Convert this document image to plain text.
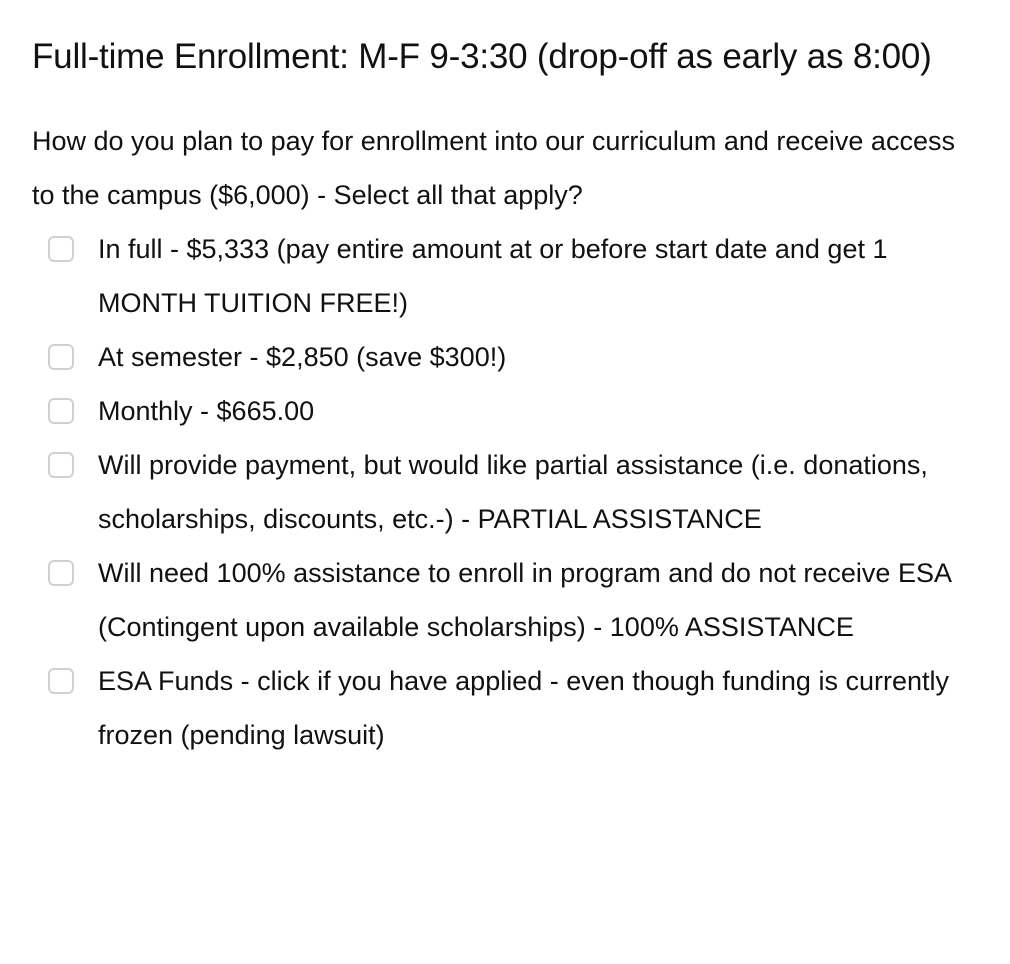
Full-time Enrollment: M-F 9-3:30 (drop-off as early as 8:00)

How do you plan to pay for enrollment into our curriculum and receive access to the campus ($6,000) - Select all that apply?

In full - $5,333 (pay entire amount at or before start date and get 1 MONTH TUITION FREE!)
At semester - $2,850 (save $300!)
Monthly - $665.00
Will provide payment, but would like partial assistance (i.e. donations, scholarships, discounts, etc.-) - PARTIAL ASSISTANCE
Will need 100% assistance to enroll in program and do not receive ESA (Contingent upon available scholarships) - 100% ASSISTANCE
ESA Funds - click if you have applied - even though funding is currently frozen (pending lawsuit)
